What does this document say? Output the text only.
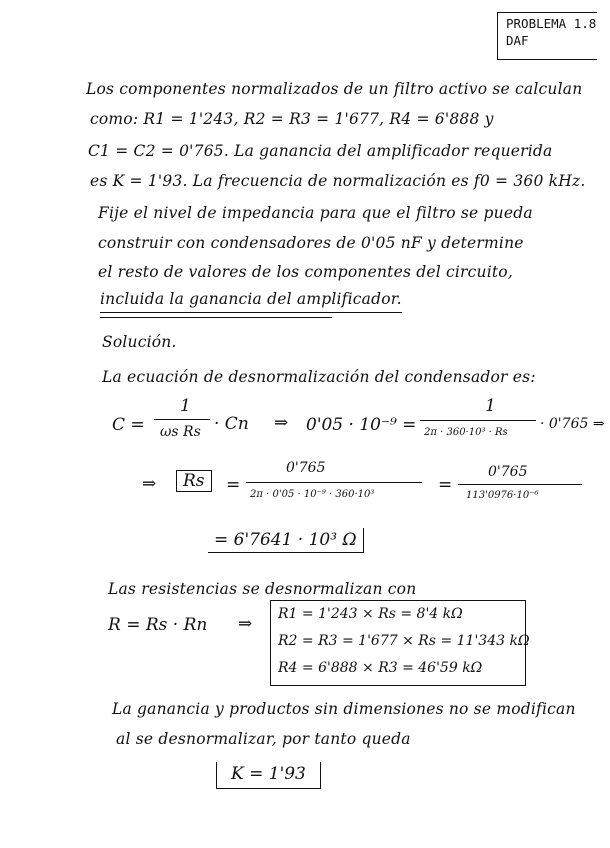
PROBLEMA 1.8
DAF
Los componentes normalizados de un filtro activo se calculan
como: R1 = 1'243, R2 = R3 = 1'677, R4 = 6'888 y
C1 = C2 = 0'765. La ganancia del amplificador requerida
es K = 1'93. La frecuencia de normalización es f0 = 360 kHz.
Fije el nivel de impedancia para que el filtro se pueda
construir con condensadores de 0'05 nF y determine
el resto de valores de los componentes del circuito,
incluida la ganancia del amplificador.
Solución.
La ecuación de desnormalización del condensador es:
C =
1
ωs Rs · Cn ⇒ 0'05 · 10⁻⁹ =
1
2π · 360·10³ · Rs
· 0'765 ⇒
⇒	Rs	=
0'765
2π · 0'05 · 10⁻⁹ · 360·10³	=
0'765
113'0976·10⁻⁶
= 6'7641 · 10³ Ω
Las resistencias se desnormalizan con
R = Rs · Rn ⇒ R1 = 1'243 × Rs = 8'4 kΩ
R2 = R3 = 1'677 × Rs = 11'343 kΩ
R4 = 6'888 × R3 = 46'59 kΩ
La ganancia y productos sin dimensiones no se modifican
al se desnormalizar, por tanto queda
K = 1'93
